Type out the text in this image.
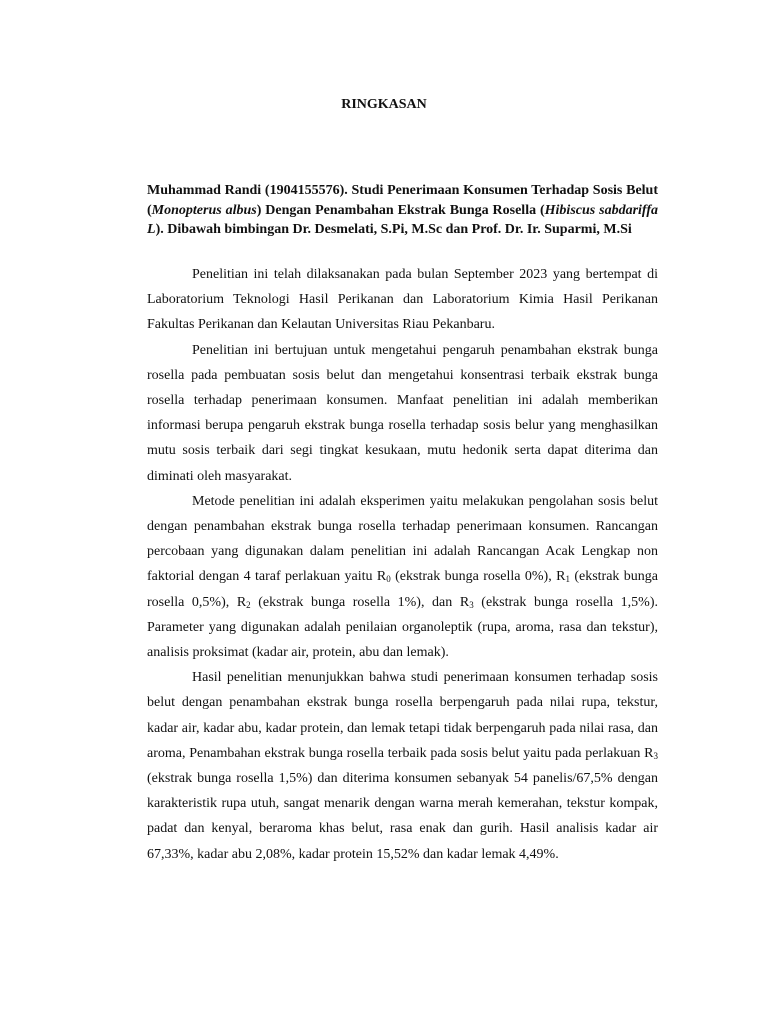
RINGKASAN
Muhammad Randi (1904155576). Studi Penerimaan Konsumen Terhadap Sosis Belut (Monopterus albus) Dengan Penambahan Ekstrak Bunga Rosella (Hibiscus sabdariffa L). Dibawah bimbingan Dr. Desmelati, S.Pi, M.Sc dan Prof. Dr. Ir. Suparmi, M.Si

Penelitian ini telah dilaksanakan pada bulan September 2023 yang bertempat di Laboratorium Teknologi Hasil Perikanan dan Laboratorium Kimia Hasil Perikanan Fakultas Perikanan dan Kelautan Universitas Riau Pekanbaru.

Penelitian ini bertujuan untuk mengetahui pengaruh penambahan ekstrak bunga rosella pada pembuatan sosis belut dan mengetahui konsentrasi terbaik ekstrak bunga rosella terhadap penerimaan konsumen. Manfaat penelitian ini adalah memberikan informasi berupa pengaruh ekstrak bunga rosella terhadap sosis belur yang menghasilkan mutu sosis terbaik dari segi tingkat kesukaan, mutu hedonik serta dapat diterima dan diminati oleh masyarakat.

Metode penelitian ini adalah eksperimen yaitu melakukan pengolahan sosis belut dengan penambahan ekstrak bunga rosella terhadap penerimaan konsumen. Rancangan percobaan yang digunakan dalam penelitian ini adalah Rancangan Acak Lengkap non faktorial dengan 4 taraf perlakuan yaitu $R_0$ (ekstrak bunga rosella 0%), $R_1$ (ekstrak bunga rosella 0,5%), $R_2$ (ekstrak bunga rosella 1%), dan $R_3$ (ekstrak bunga rosella 1,5%). Parameter yang digunakan adalah penilaian organoleptik (rupa, aroma, rasa dan tekstur), analisis proksimat (kadar air, protein, abu dan lemak).

Hasil penelitian menunjukkan bahwa studi penerimaan konsumen terhadap sosis belut dengan penambahan ekstrak bunga rosella berpengaruh pada nilai rupa, tekstur, kadar air, kadar abu, kadar protein, dan lemak tetapi tidak berpengaruh pada nilai rasa, dan aroma, Penambahan ekstrak bunga rosella terbaik pada sosis belut yaitu pada perlakuan $R_3$ (ekstrak bunga rosella 1,5%) dan diterima konsumen sebanyak 54 panelis/67,5% dengan karakteristik rupa utuh, sangat menarik dengan warna merah kemerahan, tekstur kompak, padat dan kenyal, beraroma khas belut, rasa enak dan gurih. Hasil analisis kadar air 67,33%, kadar abu 2,08%, kadar protein 15,52% dan kadar lemak 4,49%.
